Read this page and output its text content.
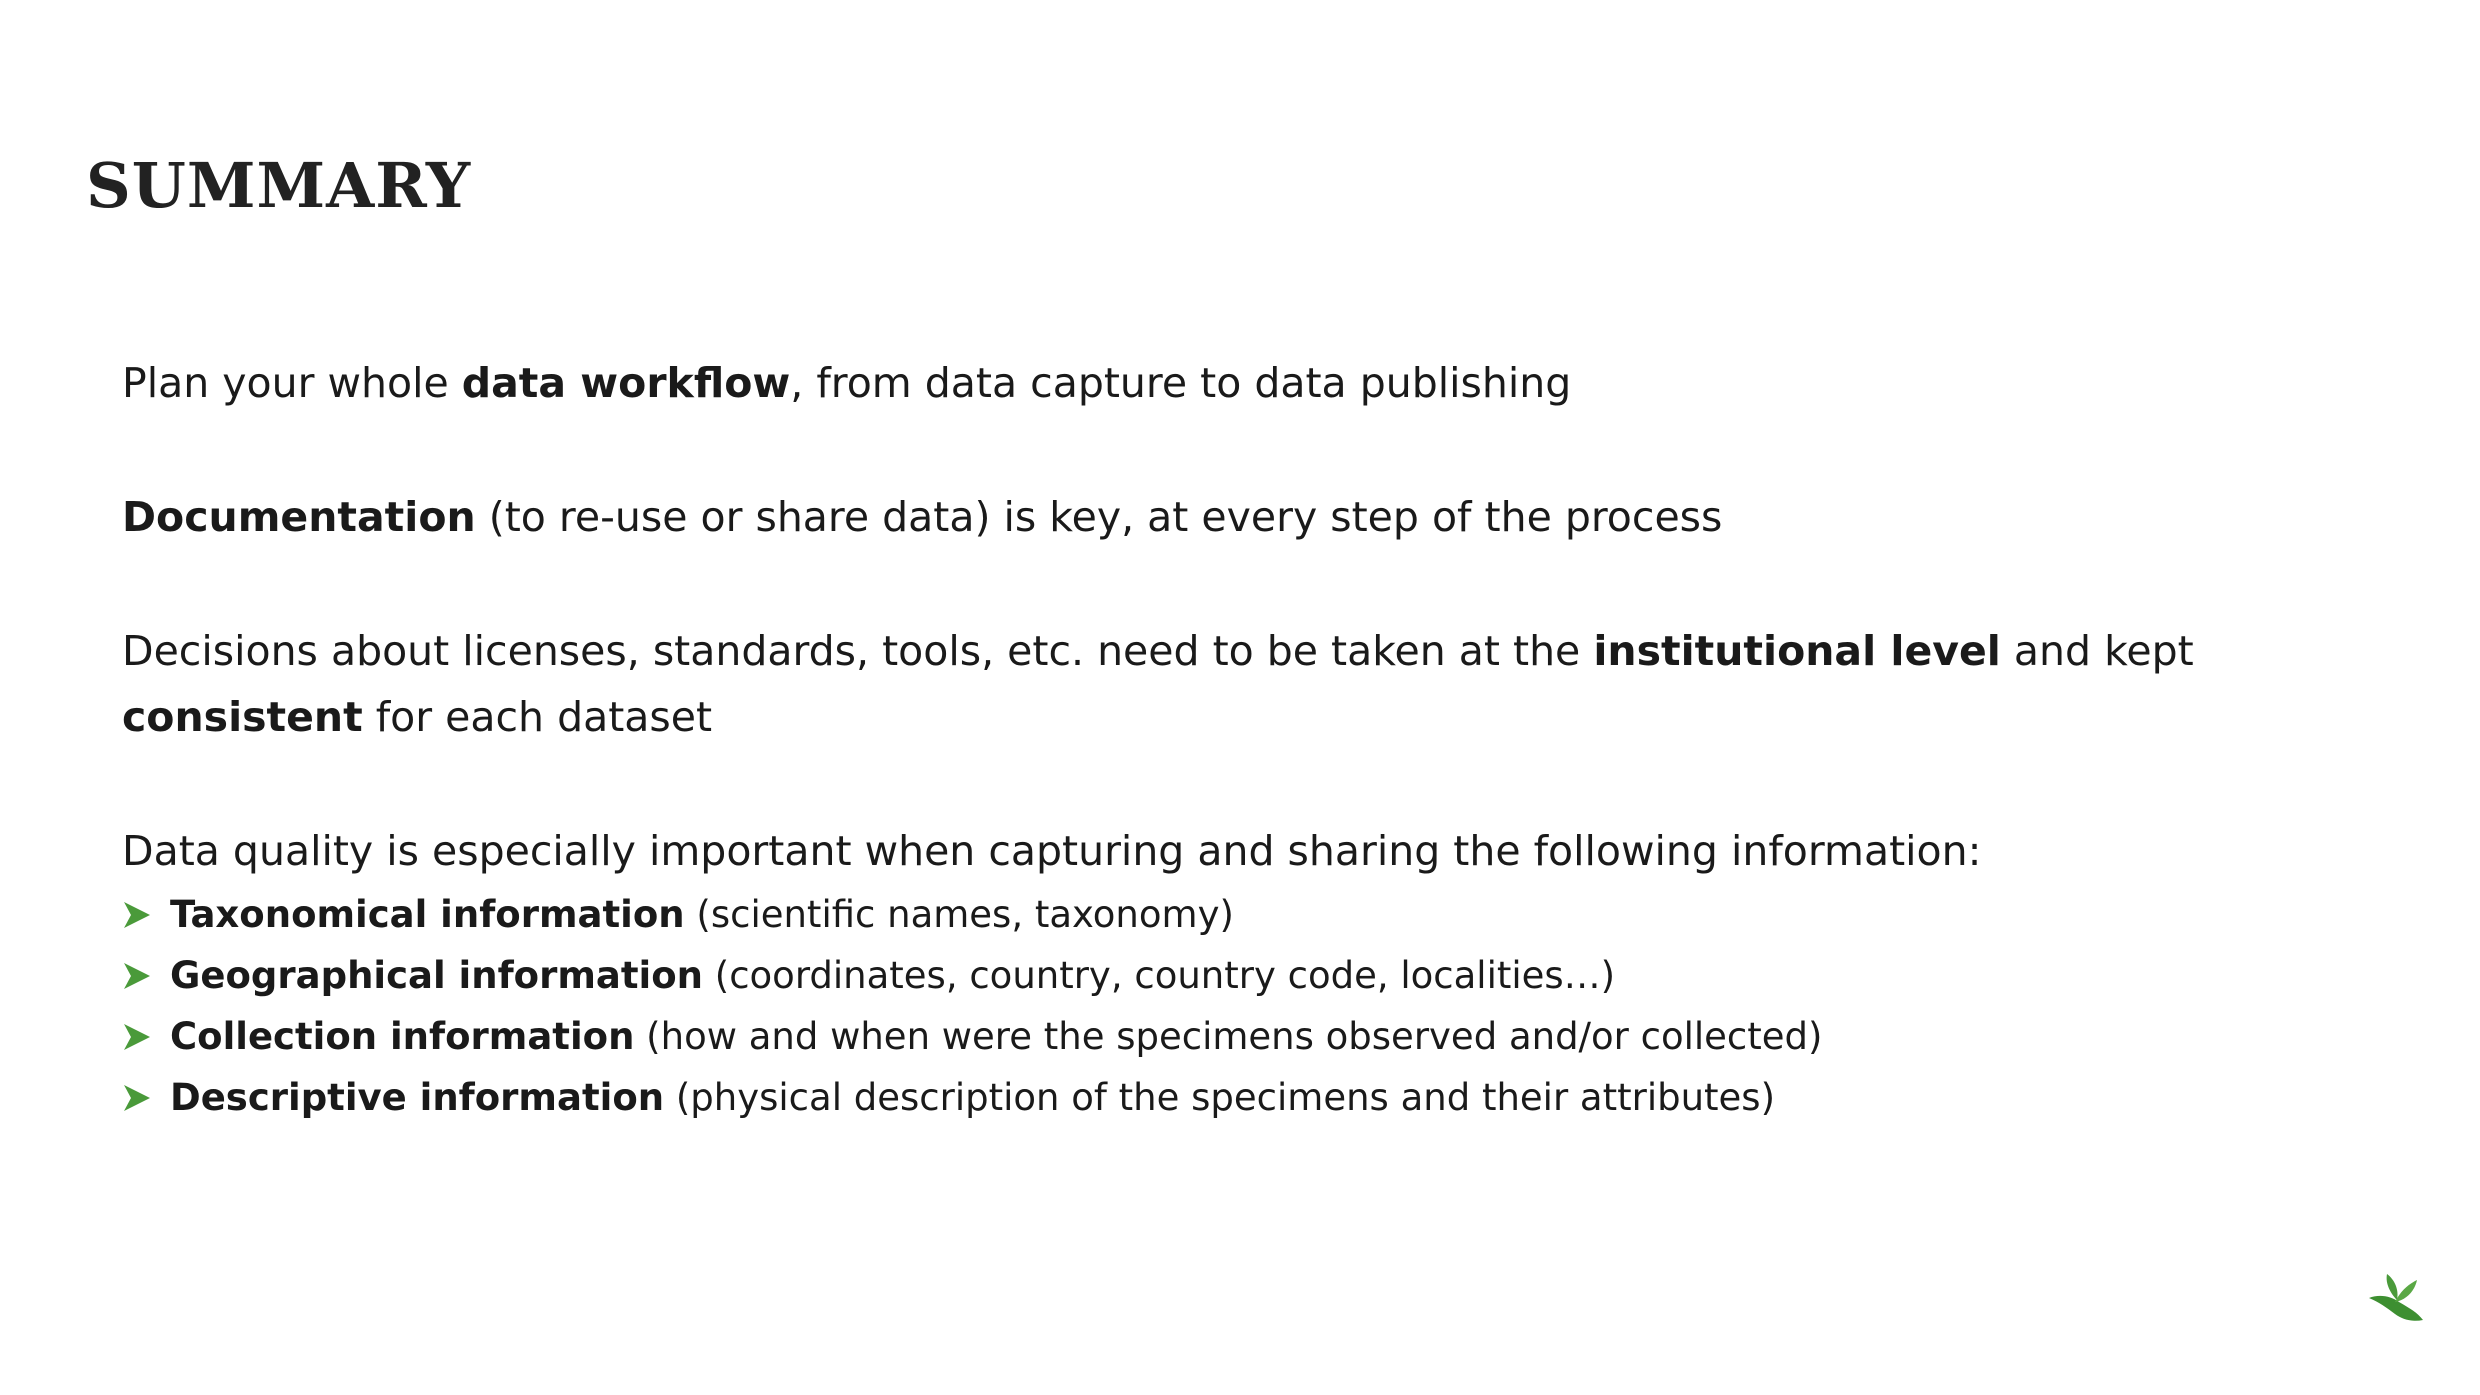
SUMMARY

Plan your whole data workflow, from data capture to data publishing

Documentation (to re-use or share data) is key, at every step of the process

Decisions about licenses, standards, tools, etc. need to be taken at the institutional level and kept consistent for each dataset

Data quality is especially important when capturing and sharing the following information:

Taxonomical information (scientific names, taxonomy)
Geographical information (coordinates, country, country code, localities…)
Collection information (how and when were the specimens observed and/or collected)
Descriptive information (physical description of the specimens and their attributes)
